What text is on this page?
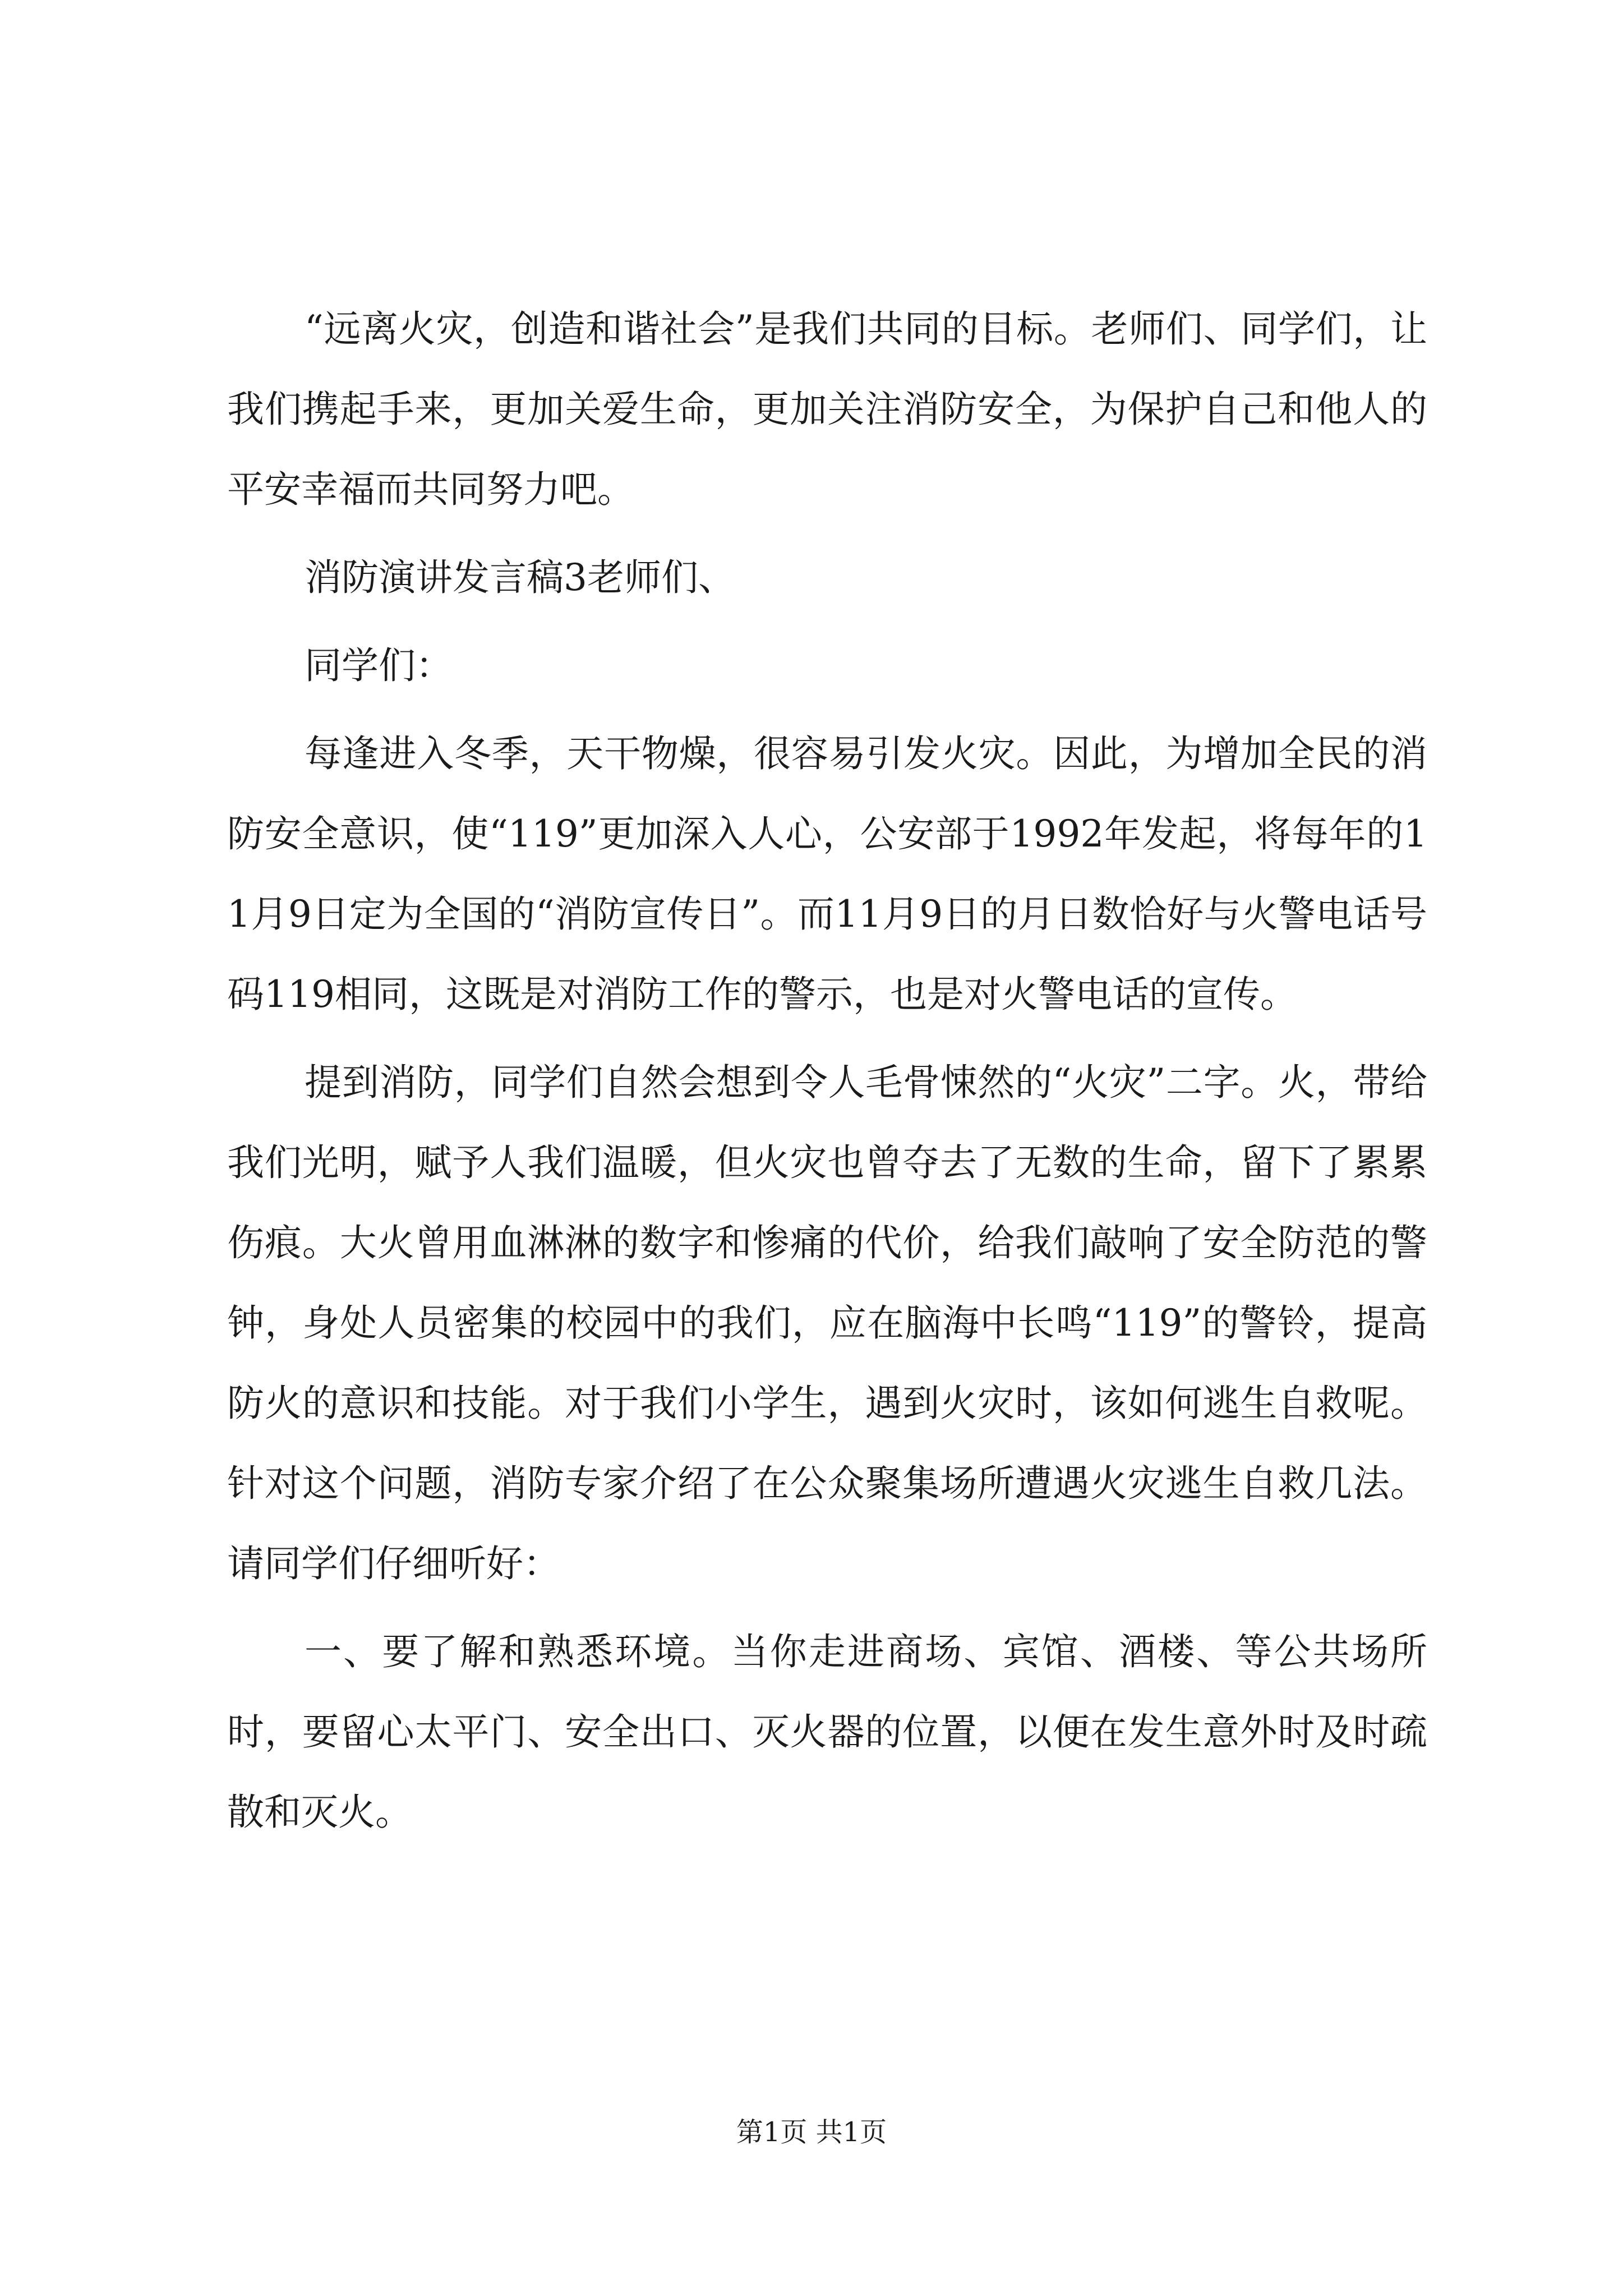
“远离火灾，创造和谐社会”是我们共同的目标。老师们、同学们，让我们携起手来，更加关爱生命，更加关注消防安全，为保护自己和他人的平安幸福而共同努力吧。

消防演讲发言稿3老师们、

同学们：

每逢进入冬季，天干物燥，很容易引发火灾。因此，为增加全民的消防安全意识，使“119”更加深入人心，公安部于1992年发起，将每年的11月9日定为全国的“消防宣传日”。而11月9日的月日数恰好与火警电话号码119相同，这既是对消防工作的警示，也是对火警电话的宣传。

提到消防，同学们自然会想到令人毛骨悚然的“火灾”二字。火，带给我们光明，赋予人我们温暖，但火灾也曾夺去了无数的生命，留下了累累伤痕。大火曾用血淋淋的数字和惨痛的代价，给我们敲响了安全防范的警钟，身处人员密集的校园中的我们，应在脑海中长鸣“119”的警铃，提高防火的意识和技能。对于我们小学生，遇到火灾时，该如何逃生自救呢。针对这个问题，消防专家介绍了在公众聚集场所遭遇火灾逃生自救几法。请同学们仔细听好：

一、要了解和熟悉环境。当你走进商场、宾馆、酒楼、等公共场所时，要留心太平门、安全出口、灭火器的位置，以便在发生意外时及时疏散和灭火。

第1页 共1页
